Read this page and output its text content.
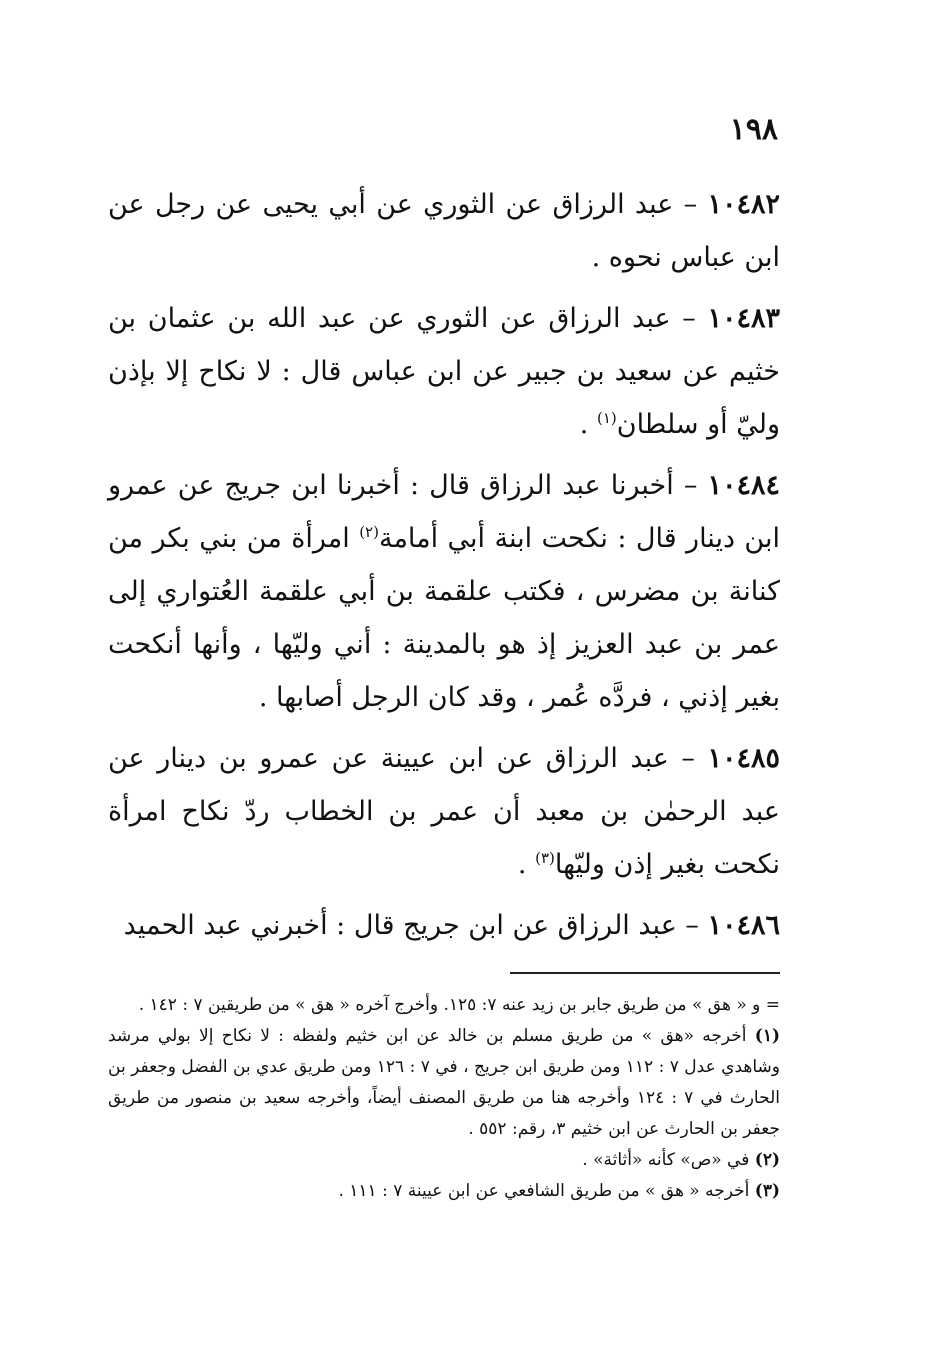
١٩٨

١٠٤٨٢ – عبد الرزاق عن الثوري عن أبي يحيى عن رجل عن ابن عباس نحوه .

١٠٤٨٣ – عبد الرزاق عن الثوري عن عبد الله بن عثمان بن خثيم عن سعيد بن جبير عن ابن عباس قال : لا نكاح إلا بإذن وليّ أو سلطان$^{(١)}$ .

١٠٤٨٤ – أخبرنا عبد الرزاق قال : أخبرنا ابن جريج عن عمرو ابن دينار قال : نكحت ابنة أبي أمامة$^{(٢)}$ امرأة من بني بكر من كنانة بن مضرس ، فكتب علقمة بن أبي علقمة العُتواري إلى عمر بن عبد العزيز إذ هو بالمدينة : أني وليّها ، وأنها أنكحت بغير إذني ، فردَّه عُمر ، وقد كان الرجل أصابها .

١٠٤٨٥ – عبد الرزاق عن ابن عيينة عن عمرو بن دينار عن عبد الرحمٰن بن معبد أن عمر بن الخطاب ردّ نكاح امرأة نكحت بغير إذن وليّها$^{(٣)}$ .

١٠٤٨٦ – عبد الرزاق عن ابن جريج قال : أخبرني عبد الحميد

= و « هق » من طريق جابر بن زيد عنه ٧: ١٢٥. وأخرج آخره « هق » من طريقين ٧ : ١٤٢ .

(١) أخرجه «هق » من طريق مسلم بن خالد عن ابن خثيم ولفظه : لا نكاح إلا بولي مرشد وشاهدي عدل ٧ : ١١٢ ومن طريق ابن جريج ، في ٧ : ١٢٦ ومن طريق عدي بن الفضل وجعفر بن الحارث في ٧ : ١٢٤ وأخرجه هنا من طريق المصنف أيضاً، وأخرجه سعيد بن منصور من طريق جعفر بن الحارث عن ابن خثيم ٣، رقم: ٥٥٢ .

(٢) في «ص» كأنه «أثاثة» .

(٣) أخرجه « هق » من طريق الشافعي عن ابن عيينة ٧ : ١١١ .
